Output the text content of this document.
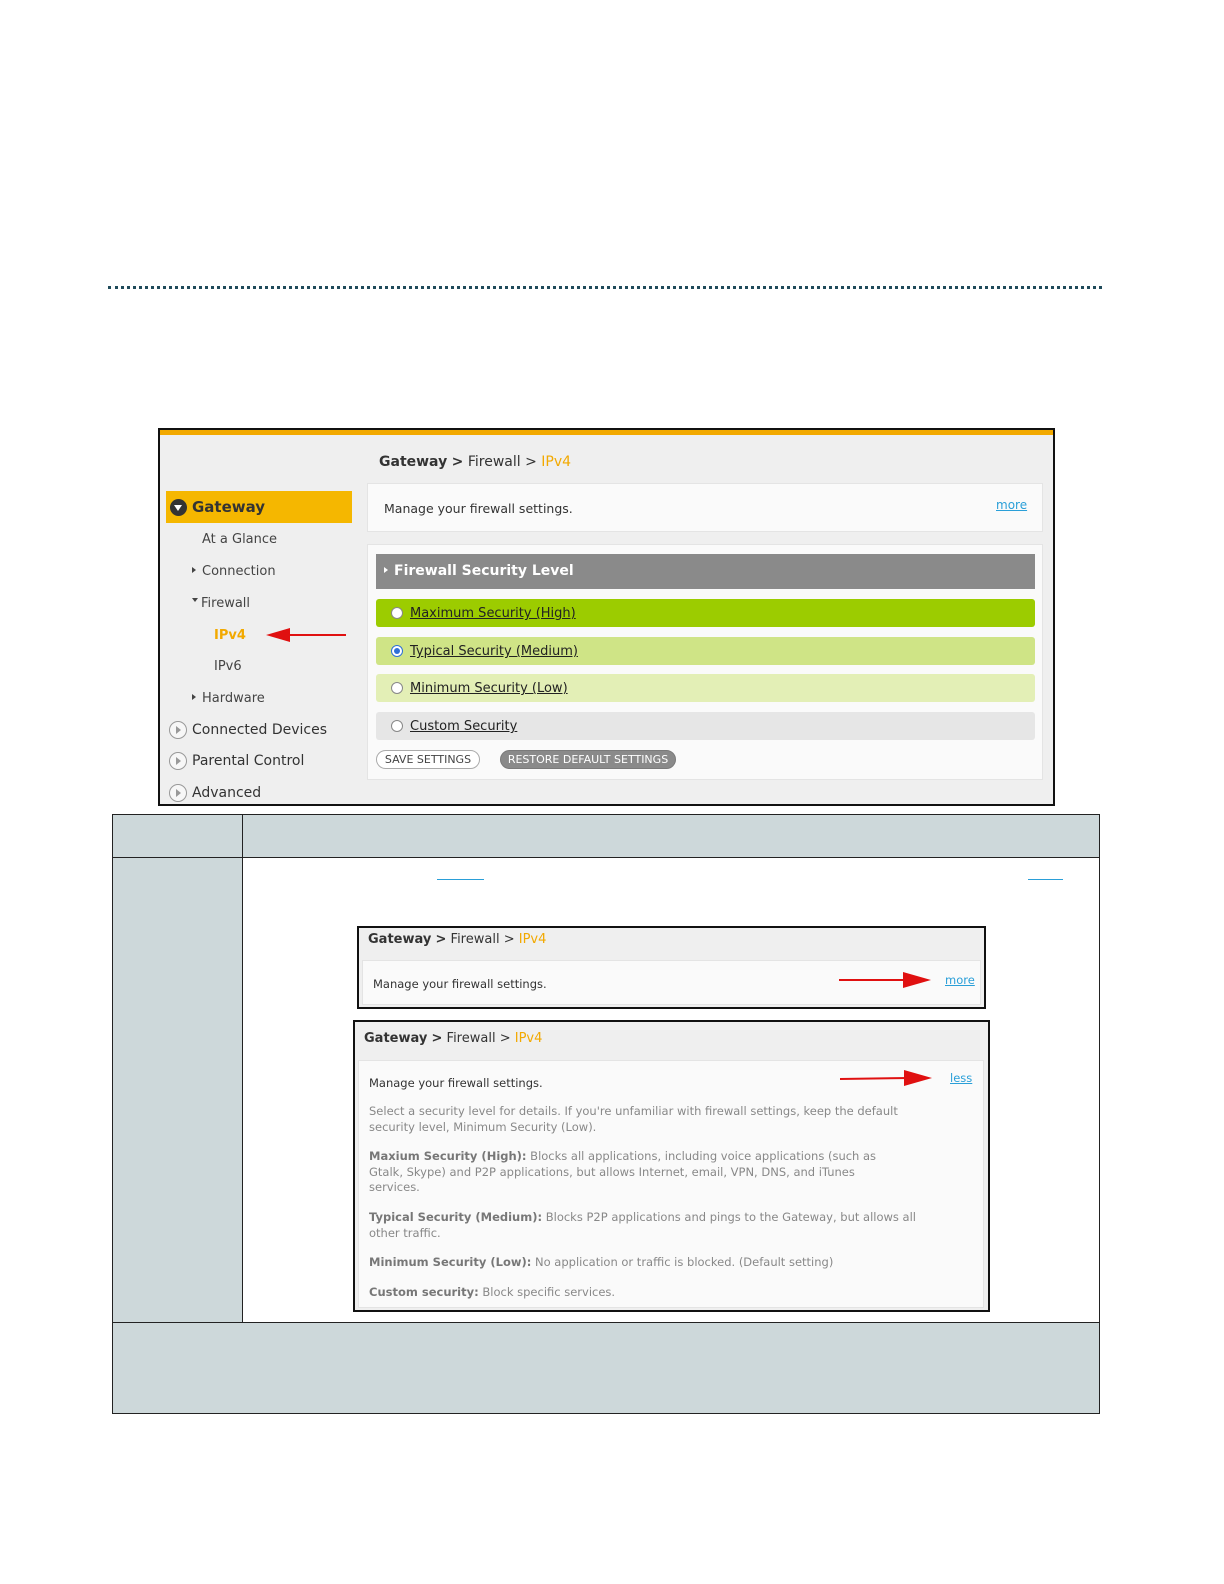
Gateway > Firewall > IPv4
Manage your firewall settings.	more
Gateway
At a Glance
Connection
Firewall
IPv4
IPv6
Hardware
Connected Devices
Parental Control
Advanced
Firewall Security Level
Maximum Security (High)
Typical Security (Medium)
Minimum Security (Low)
Custom Security
SAVE SETTINGS	RESTORE DEFAULT SETTINGS
Gateway > Firewall > IPv4
Manage your firewall settings.	more
Gateway > Firewall > IPv4
Manage your firewall settings.	less
Select a security level for details. If you're unfamiliar with firewall settings, keep the default security level, Minimum Security (Low).
Maxium Security (High): Blocks all applications, including voice applications (such as Gtalk, Skype) and P2P applications, but allows Internet, email, VPN, DNS, and iTunes services.
Typical Security (Medium): Blocks P2P applications and pings to the Gateway, but allows all other traffic.
Minimum Security (Low): No application or traffic is blocked. (Default setting)
Custom security: Block specific services.
